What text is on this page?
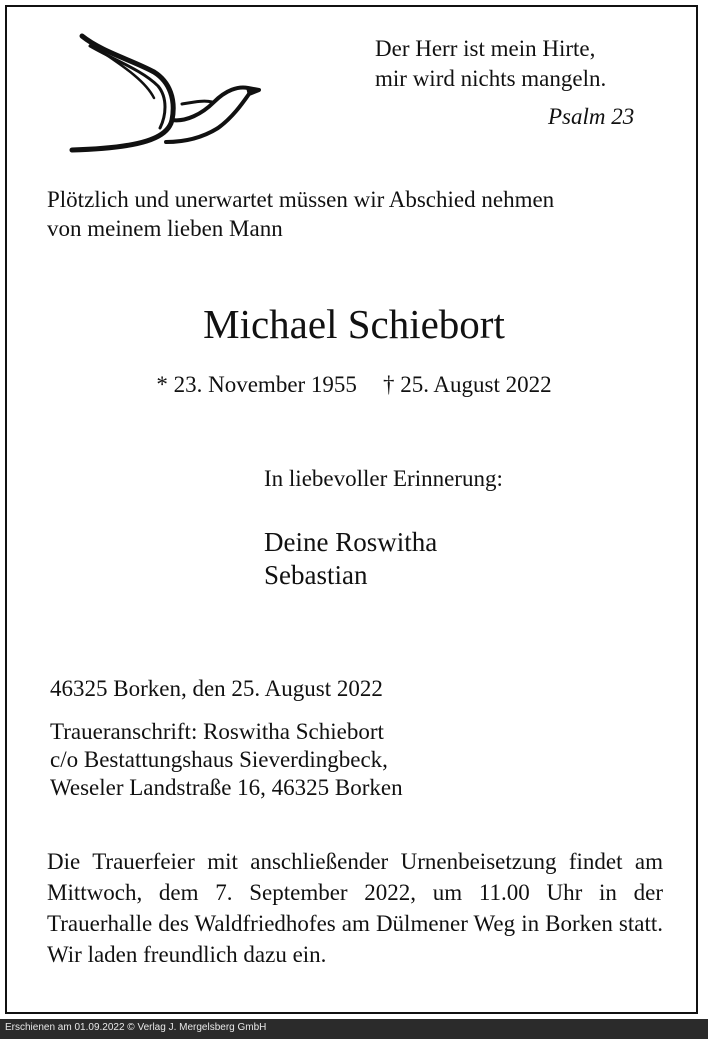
Der Herr ist mein Hirte,
mir wird nichts mangeln.
Psalm 23
Plötzlich und unerwartet müssen wir Abschied nehmen
von meinem lieben Mann
Michael Schiebort
* 23. November 1955 † 25. August 2022
In liebevoller Erinnerung:
Deine Roswitha
Sebastian
46325 Borken, den 25. August 2022
Traueranschrift: Roswitha Schiebort
c/o Bestattungshaus Sieverdingbeck,
Weseler Landstraße 16, 46325 Borken
Die Trauerfeier mit anschließender Urnenbeisetzung findet am Mittwoch, dem 7. September 2022, um 11.00 Uhr in der Trauerhalle des Waldfriedhofes am Dülmener Weg in Borken statt. Wir laden freundlich dazu ein.
Erschienen am 01.09.2022 © Verlag J. Mergelsberg GmbH
